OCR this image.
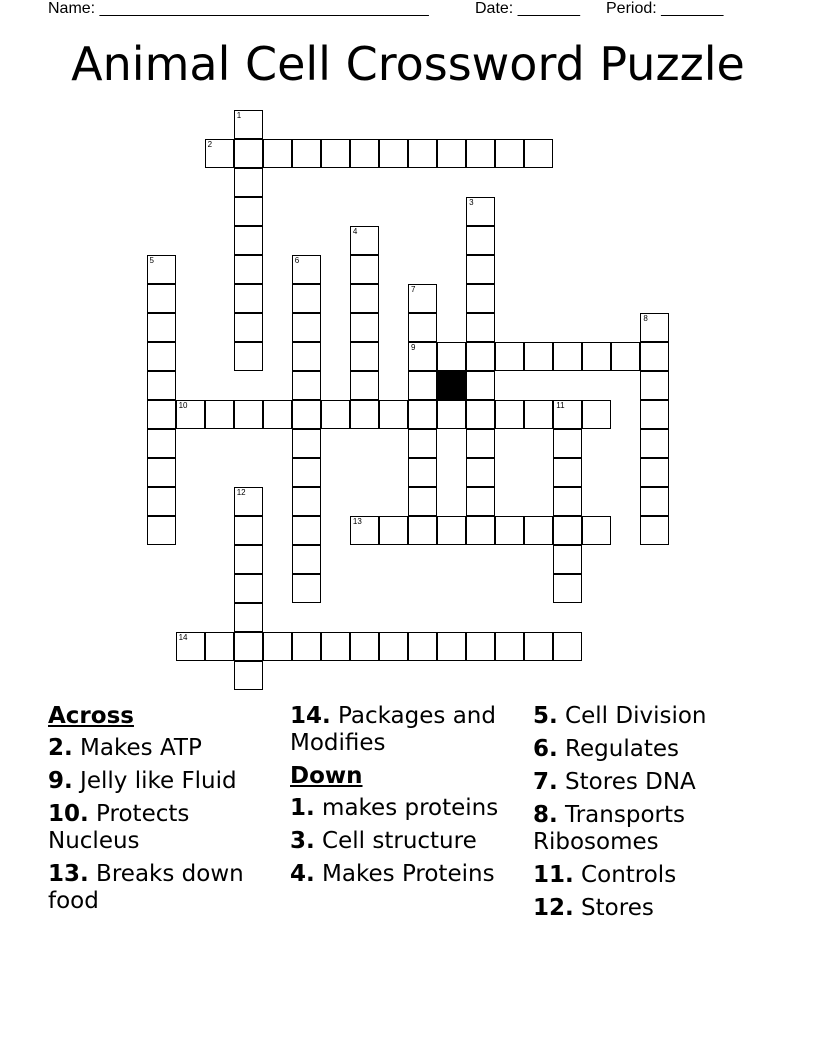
Name: _____________________________________

	Date: _______

Period: _______

Animal Cell Crossword Puzzle
1
2
3
4
5	6
7
8
9
10	11
12
13
14
Across
2. Makes ATP
9. Jelly like Fluid
10. Protects Nucleus
13. Breaks down food
14. Packages and Modifies
Down
1. makes proteins
3. Cell structure
4. Makes Proteins
5. Cell Division
6. Regulates
7. Stores DNA
8. Transports Ribosomes
11. Controls
12. Stores
